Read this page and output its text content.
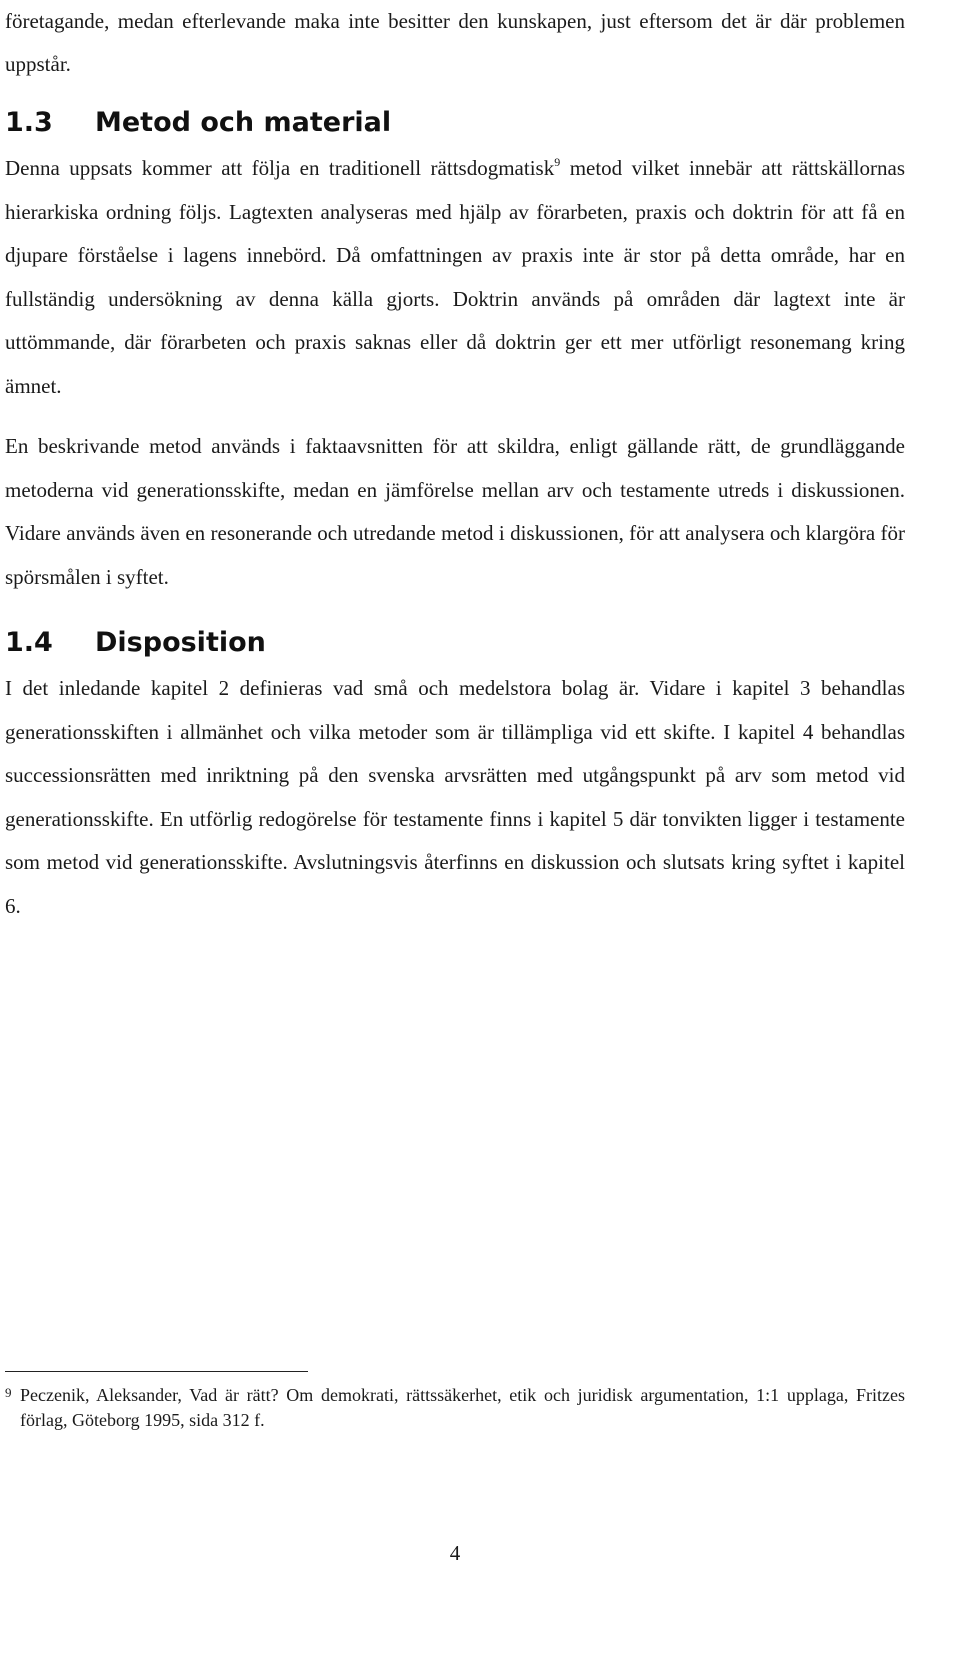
företagande, medan efterlevande maka inte besitter den kunskapen, just eftersom det är där problemen uppstår.

1.3 Metod och material

Denna uppsats kommer att följa en traditionell rättsdogmatisk$^9$ metod vilket innebär att rättskällornas hierarkiska ordning följs. Lagtexten analyseras med hjälp av förarbeten, praxis och doktrin för att få en djupare förståelse i lagens innebörd. Då omfattningen av praxis inte är stor på detta område, har en fullständig undersökning av denna källa gjorts. Doktrin används på områden där lagtext inte är uttömmande, där förarbeten och praxis saknas eller då doktrin ger ett mer utförligt resonemang kring ämnet.

En beskrivande metod används i faktaavsnitten för att skildra, enligt gällande rätt, de grundläggande metoderna vid generationsskifte, medan en jämförelse mellan arv och testamente utreds i diskussionen. Vidare används även en resonerande och utredande metod i diskussionen, för att analysera och klargöra för spörsmålen i syftet.

1.4 Disposition

I det inledande kapitel 2 definieras vad små och medelstora bolag är. Vidare i kapitel 3 behandlas generationsskiften i allmänhet och vilka metoder som är tillämpliga vid ett skifte. I kapitel 4 behandlas successionsrätten med inriktning på den svenska arvsrätten med utgångspunkt på arv som metod vid generationsskifte. En utförlig redogörelse för testamente finns i kapitel 5 där tonvikten ligger i testamente som metod vid generationsskifte. Avslutningsvis återfinns en diskussion och slutsats kring syftet i kapitel 6.

9 Peczenik, Aleksander, Vad är rätt? Om demokrati, rättssäkerhet, etik och juridisk argumentation, 1:1 upplaga, Fritzes förlag, Göteborg 1995, sida 312 f.

4
